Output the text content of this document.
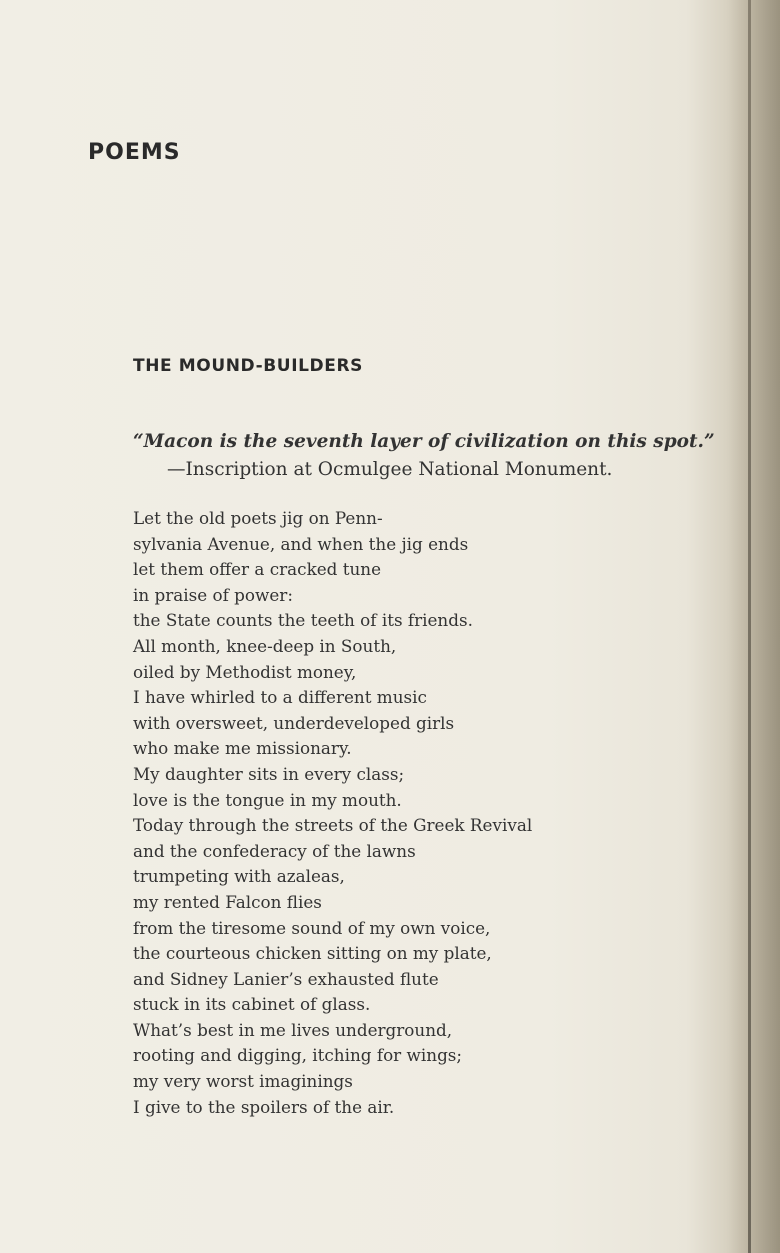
POEMS
THE MOUND-BUILDERS

“Macon is the seventh layer of civilization on this spot.”

—Inscription at Ocmulgee National Monument.

Let the old poets jig on Penn-
sylvania Avenue, and when the jig ends
let them offer a cracked tune
in praise of power:
the State counts the teeth of its friends.
All month, knee-deep in South,
oiled by Methodist money,
I have whirled to a different music
with oversweet, underdeveloped girls
who make me missionary.
My daughter sits in every class;
love is the tongue in my mouth.
Today through the streets of the Greek Revival
and the confederacy of the lawns
trumpeting with azaleas,
my rented Falcon flies
from the tiresome sound of my own voice,
the courteous chicken sitting on my plate,
and Sidney Lanier’s exhausted flute
stuck in its cabinet of glass.
What’s best in me lives underground,
rooting and digging, itching for wings;
my very worst imaginings
I give to the spoilers of the air.
